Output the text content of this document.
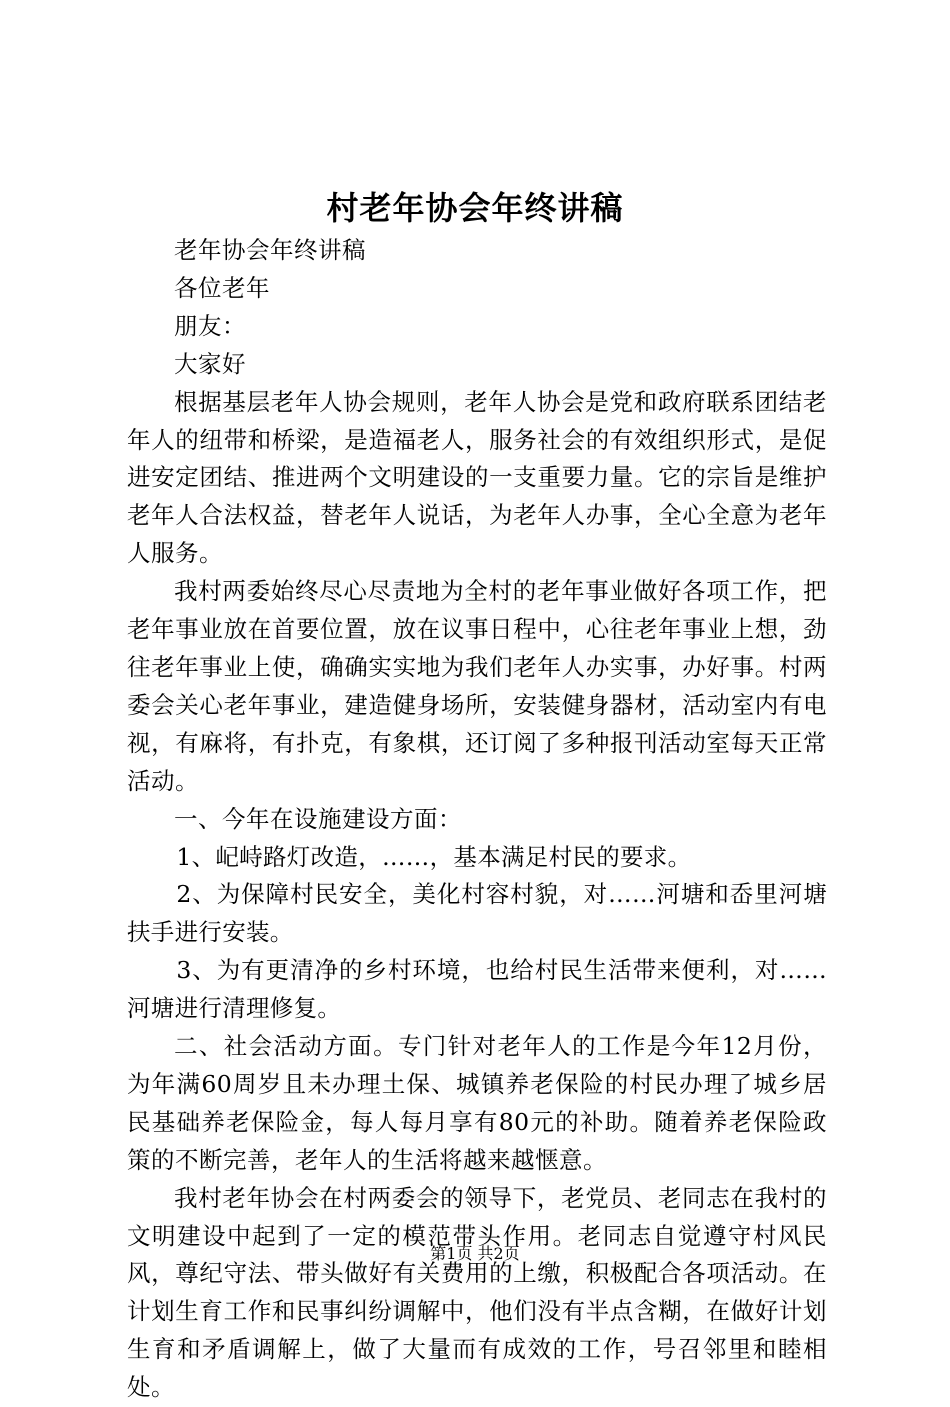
村老年协会年终讲稿

老年协会年终讲稿

各位老年

朋友：

大家好

根据基层老年人协会规则，老年人协会是党和政府联系团结老年人的纽带和桥梁，是造福老人，服务社会的有效组织形式，是促进安定团结、推进两个文明建设的一支重要力量。它的宗旨是维护老年人合法权益，替老年人说话，为老年人办事，全心全意为老年人服务。

我村两委始终尽心尽责地为全村的老年事业做好各项工作，把老年事业放在首要位置，放在议事日程中，心往老年事业上想，劲往老年事业上使，确确实实地为我们老年人办实事，办好事。村两委会关心老年事业，建造健身场所，安装健身器材，活动室内有电视，有麻将，有扑克，有象棋，还订阅了多种报刊活动室每天正常活动。

一、今年在设施建设方面：

1、屺峙路灯改造，……，基本满足村民的要求。

2、为保障村民安全，美化村容村貌，对……河塘和岙里河塘扶手进行安装。

3、为有更清净的乡村环境，也给村民生活带来便利，对……河塘进行清理修复。

二、社会活动方面。专门针对老年人的工作是今年12月份，为年满60周岁且未办理土保、城镇养老保险的村民办理了城乡居民基础养老保险金，每人每月享有80元的补助。随着养老保险政策的不断完善，老年人的生活将越来越惬意。

我村老年协会在村两委会的领导下，老党员、老同志在我村的文明建设中起到了一定的模范带头作用。老同志自觉遵守村风民风，尊纪守法、带头做好有关费用的上缴，积极配合各项活动。在计划生育工作和民事纠纷调解中，他们没有半点含糊，在做好计划生育和矛盾调解上，做了大量而有成效的工作，号召邻里和睦相处。

第1页 共2页
